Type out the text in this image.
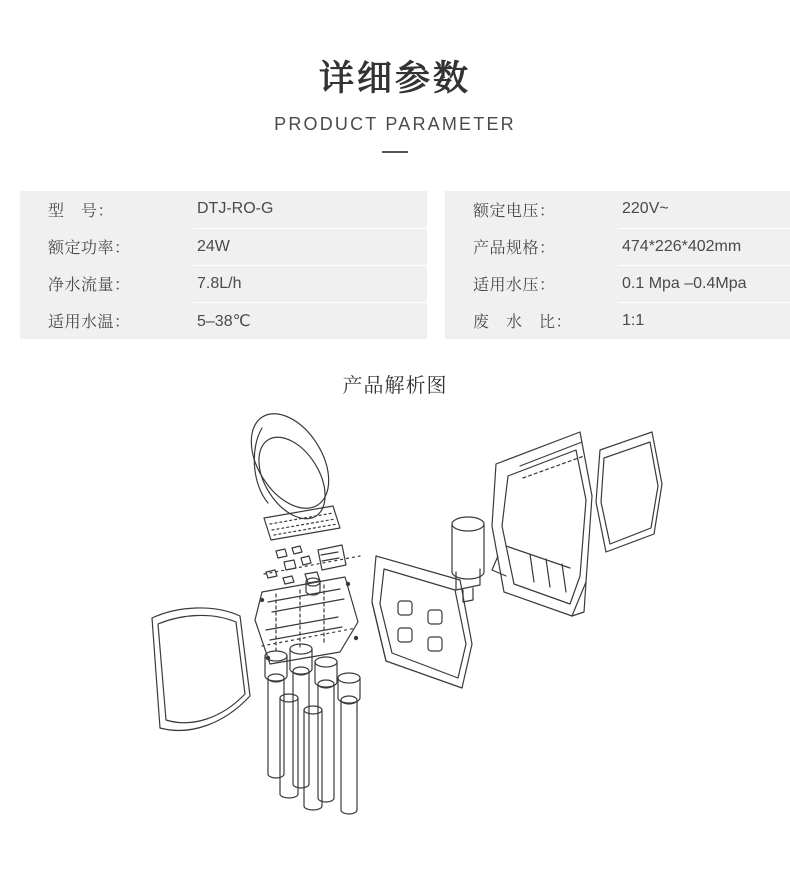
详细参数
PRODUCT PARAMETER
型　号：	DTJ-RO-G		额定电压：	220V~
额定功率：	24W		产品规格：	474*226*402mm
净水流量：	7.8L/h		适用水压：	0.1 Mpa –0.4Mpa
适用水温：	5–38℃		废　水　比：	1:1
产品解析图
